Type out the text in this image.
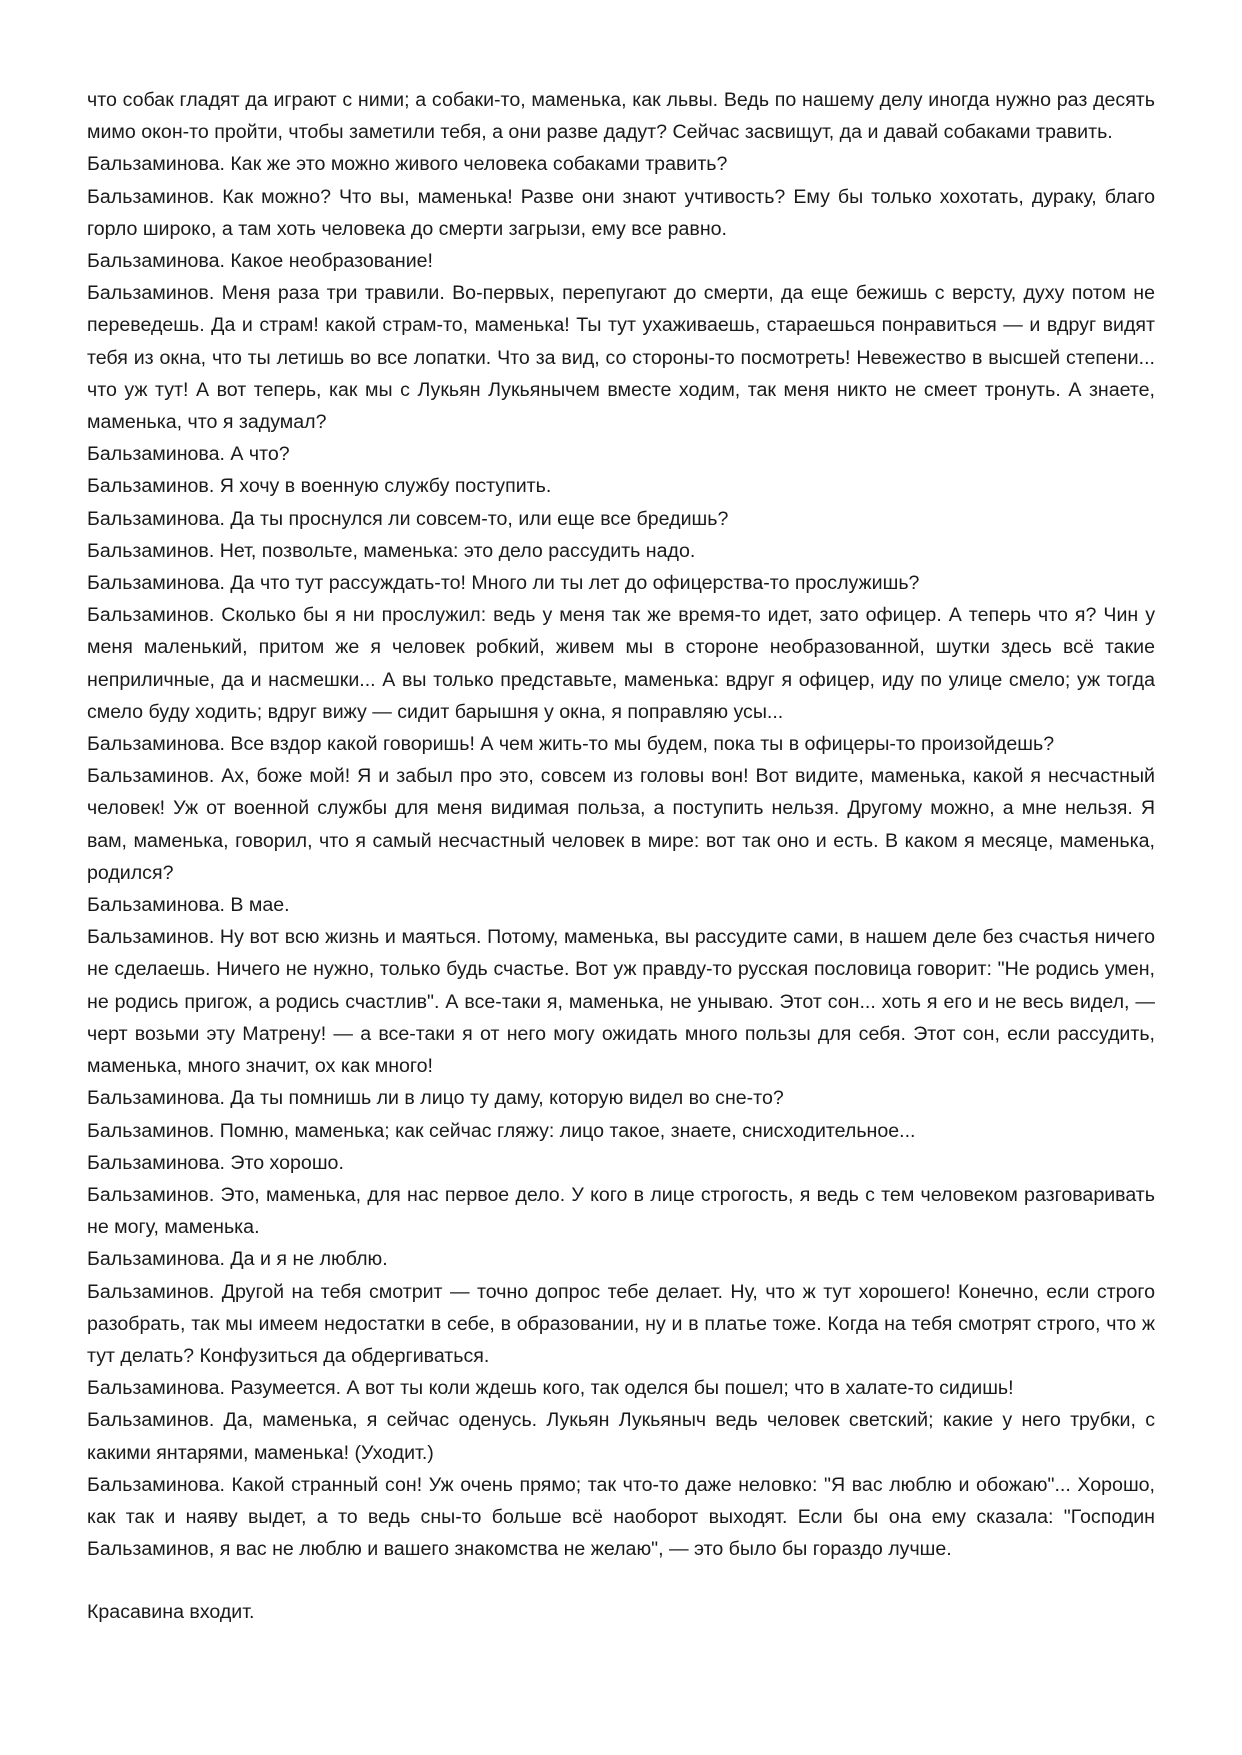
что собак гладят да играют с ними; а собаки-то, маменька, как львы. Ведь по нашему делу иногда нужно раз десять мимо окон-то пройти, чтобы заметили тебя, а они разве дадут? Сейчас засвищут, да и давай собаками травить.

Бальзаминова. Как же это можно живого человека собаками травить?

Бальзаминов. Как можно? Что вы, маменька! Разве они знают учтивость? Ему бы только хохотать, дураку, благо горло широко, а там хоть человека до смерти загрызи, ему все равно.

Бальзаминова. Какое необразование!

Бальзаминов. Меня раза три травили. Во-первых, перепугают до смерти, да еще бежишь с версту, духу потом не переведешь. Да и страм! какой страм-то, маменька! Ты тут ухаживаешь, стараешься понравиться — и вдруг видят тебя из окна, что ты летишь во все лопатки. Что за вид, со стороны-то посмотреть! Невежество в высшей степени... что уж тут! А вот теперь, как мы с Лукьян Лукьянычем вместе ходим, так меня никто не смеет тронуть. А знаете, маменька, что я задумал?

Бальзаминова. А что?

Бальзаминов. Я хочу в военную службу поступить.

Бальзаминова. Да ты проснулся ли совсем-то, или еще все бредишь?

Бальзаминов. Нет, позвольте, маменька: это дело рассудить надо.

Бальзаминова. Да что тут рассуждать-то! Много ли ты лет до офицерства-то прослужишь?

Бальзаминов. Сколько бы я ни прослужил: ведь у меня так же время-то идет, зато офицер. А теперь что я? Чин у меня маленький, притом же я человек робкий, живем мы в стороне необразованной, шутки здесь всё такие неприличные, да и насмешки... А вы только представьте, маменька: вдруг я офицер, иду по улице смело; уж тогда смело буду ходить; вдруг вижу — сидит барышня у окна, я поправляю усы...

Бальзаминова. Все вздор какой говоришь! А чем жить-то мы будем, пока ты в офицеры-то произойдешь?

Бальзаминов. Ах, боже мой! Я и забыл про это, совсем из головы вон! Вот видите, маменька, какой я несчастный человек! Уж от военной службы для меня видимая польза, а поступить нельзя. Другому можно, а мне нельзя. Я вам, маменька, говорил, что я самый несчастный человек в мире: вот так оно и есть. В каком я месяце, маменька, родился?

Бальзаминова. В мае.

Бальзаминов. Ну вот всю жизнь и маяться. Потому, маменька, вы рассудите сами, в нашем деле без счастья ничего не сделаешь. Ничего не нужно, только будь счастье. Вот уж правду-то русская пословица говорит: "Не родись умен, не родись пригож, а родись счастлив". А все-таки я, маменька, не унываю. Этот сон... хоть я его и не весь видел, — черт возьми эту Матрену! — а все-таки я от него могу ожидать много пользы для себя. Этот сон, если рассудить, маменька, много значит, ох как много!

Бальзаминова. Да ты помнишь ли в лицо ту даму, которую видел во сне-то?

Бальзаминов. Помню, маменька; как сейчас гляжу: лицо такое, знаете, снисходительное...

Бальзаминова. Это хорошо.

Бальзаминов. Это, маменька, для нас первое дело. У кого в лице строгость, я ведь с тем человеком разговаривать не могу, маменька.

Бальзаминова. Да и я не люблю.

Бальзаминов. Другой на тебя смотрит — точно допрос тебе делает. Ну, что ж тут хорошего! Конечно, если строго разобрать, так мы имеем недостатки в себе, в образовании, ну и в платье тоже. Когда на тебя смотрят строго, что ж тут делать? Конфузиться да обдергиваться.

Бальзаминова. Разумеется. А вот ты коли ждешь кого, так оделся бы пошел; что в халате-то сидишь!

Бальзаминов. Да, маменька, я сейчас оденусь. Лукьян Лукьяныч ведь человек светский; какие у него трубки, с какими янтарями, маменька! (Уходит.)

Бальзаминова. Какой странный сон! Уж очень прямо; так что-то даже неловко: "Я вас люблю и обожаю"... Хорошо, как так и наяву выдет, а то ведь сны-то больше всё наоборот выходят. Если бы она ему сказала: "Господин Бальзаминов, я вас не люблю и вашего знакомства не желаю", — это было бы гораздо лучше.

Красавина входит.
